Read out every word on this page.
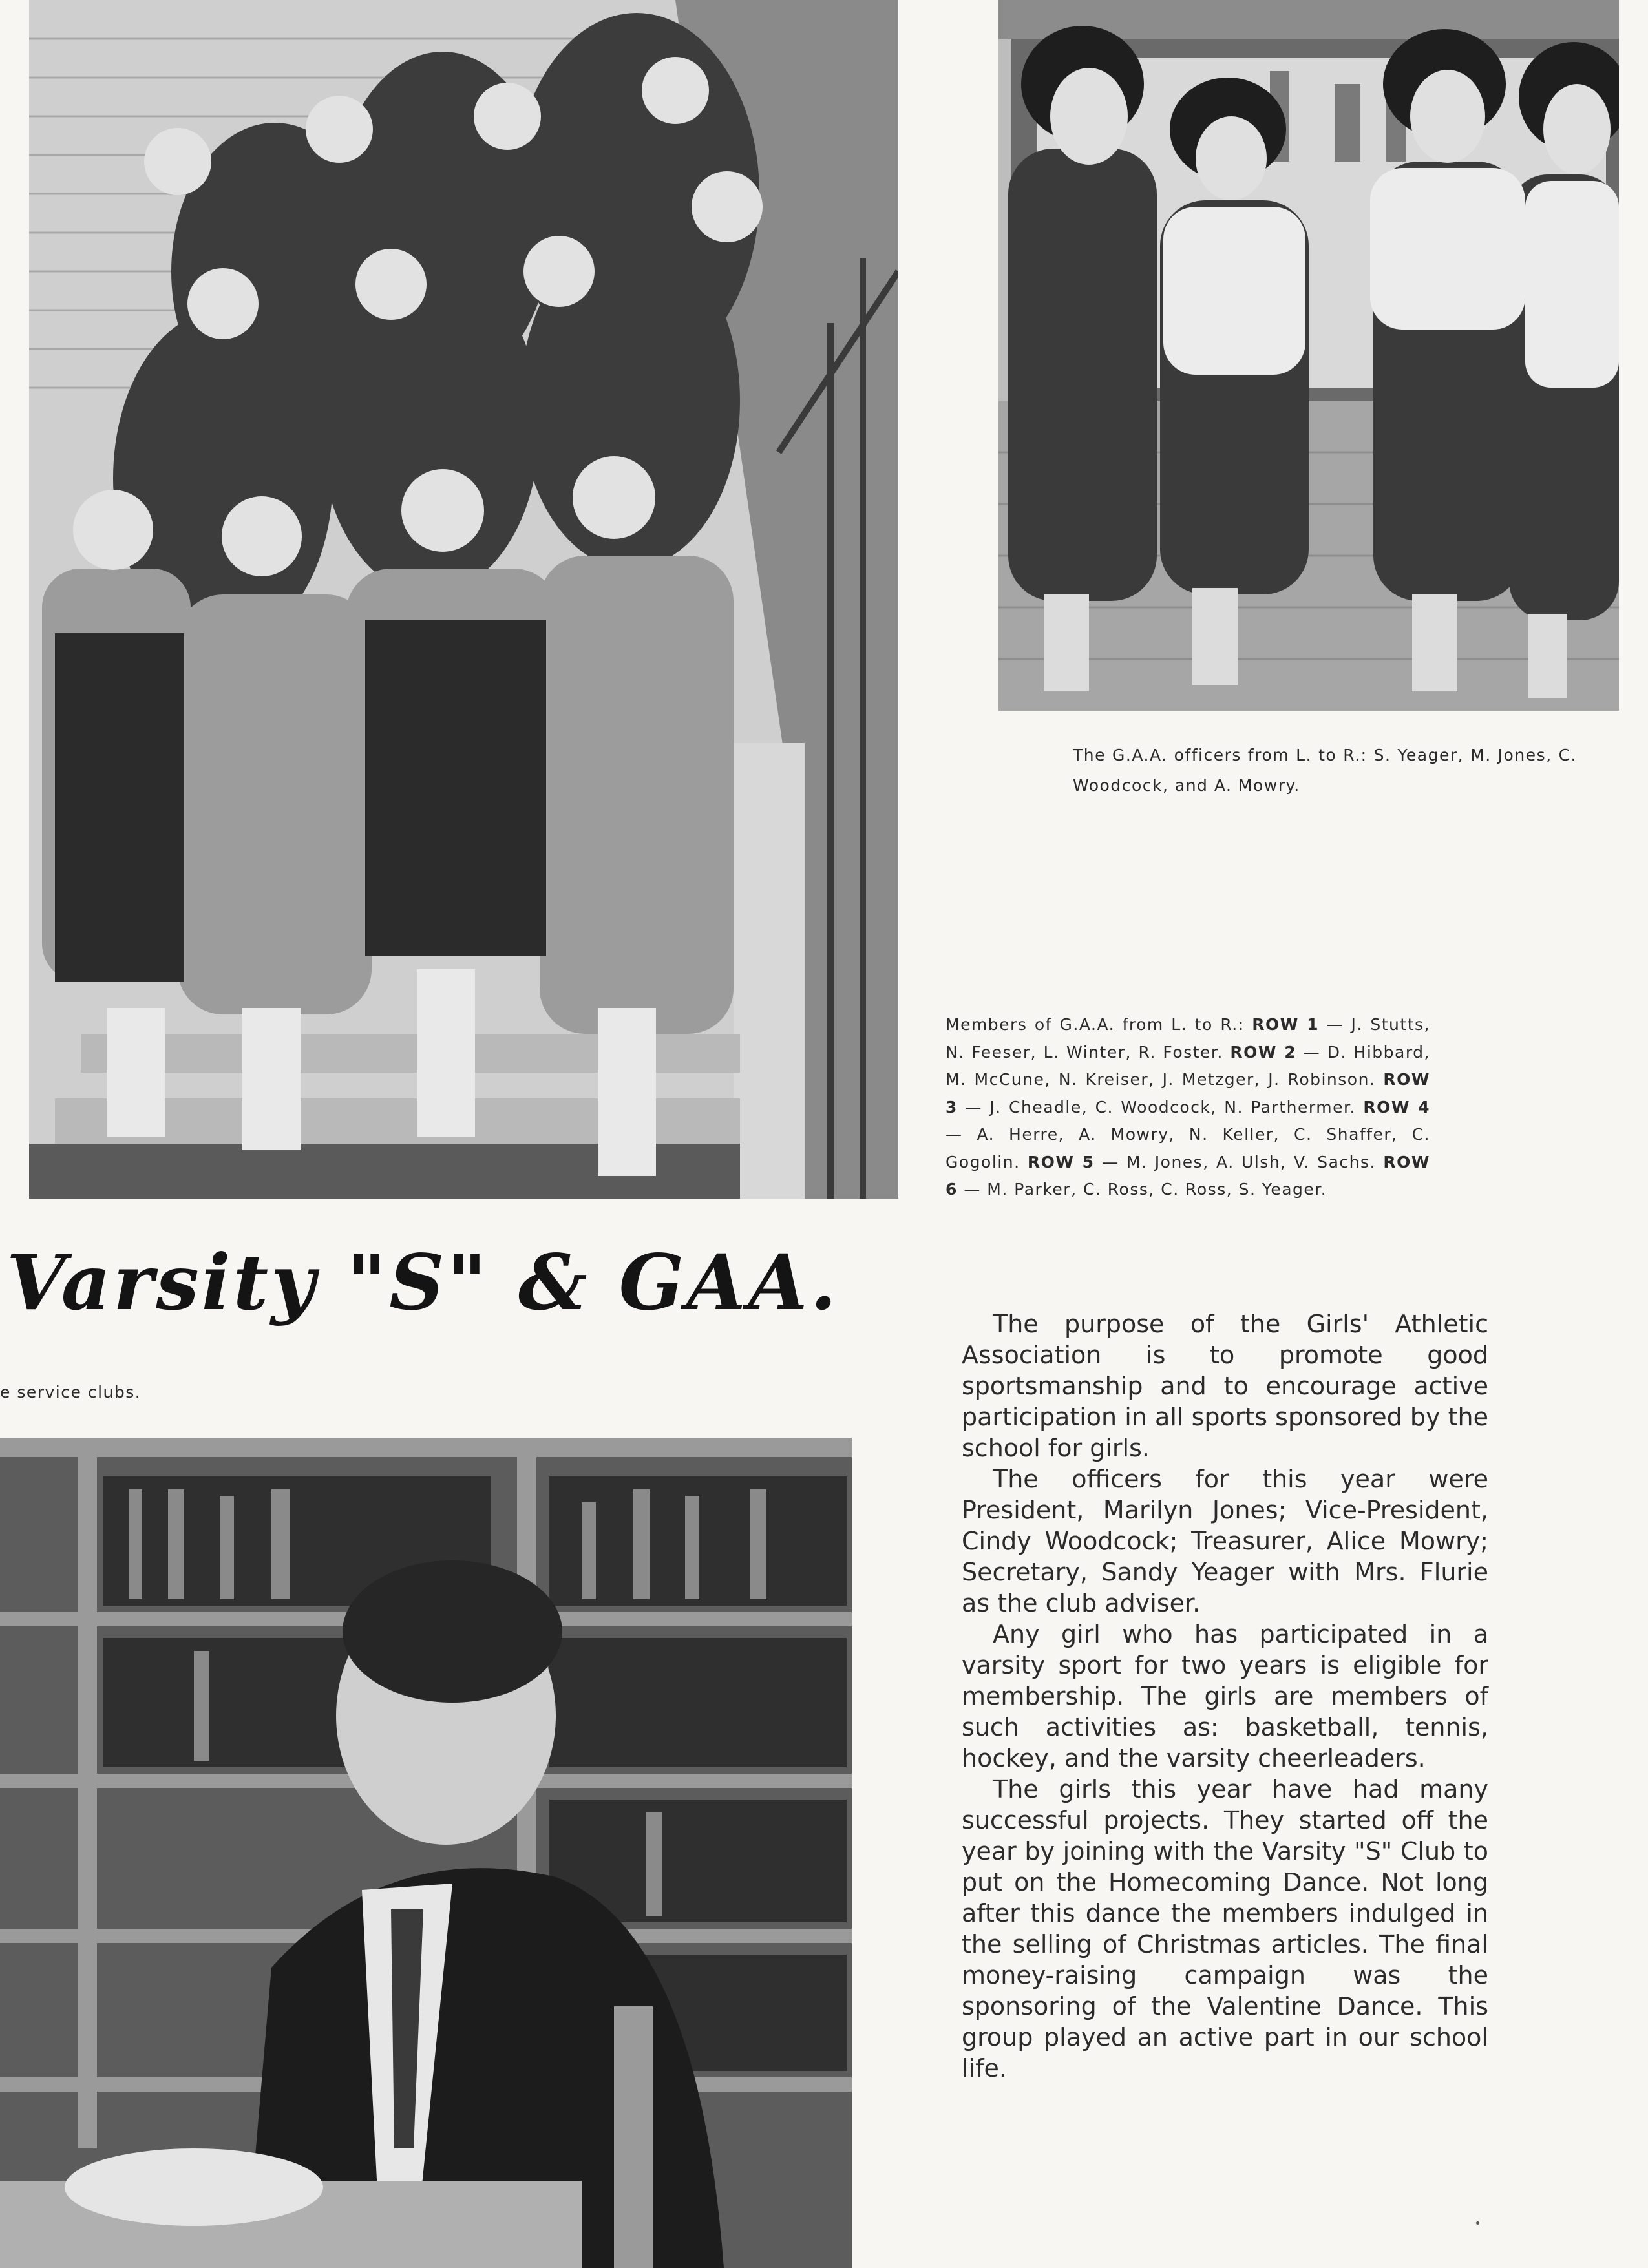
The G.A.A. officers from L. to R.: S. Yeager, M. Jones, C. Woodcock, and A. Mowry.

Members of G.A.A. from L. to R.: ROW 1 — J. Stutts, N. Feeser, L. Winter, R. Foster. ROW 2 — D. Hibbard, M. McCune, N. Kreiser, J. Metzger, J. Robinson. ROW 3 — J. Cheadle, C. Woodcock, N. Parthermer. ROW 4 — A. Herre, A. Mowry, N. Keller, C. Shaffer, C. Gogolin. ROW 5 — M. Jones, A. Ulsh, V. Sachs. ROW 6 — M. Parker, C. Ross, C. Ross, S. Yeager.

Varsity "S" & GAA.
e service clubs.

The purpose of the Girls' Athletic Association is to promote good sportsmanship and to encourage active participation in all sports sponsored by the school for girls.

The officers for this year were President, Marilyn Jones; Vice-President, Cindy Woodcock; Treasurer, Alice Mowry; Secretary, Sandy Yeager with Mrs. Flurie as the club adviser.

Any girl who has participated in a varsity sport for two years is eligible for membership. The girls are members of such activities as: basketball, tennis, hockey, and the varsity cheerleaders.

The girls this year have had many successful projects. They started off the year by joining with the Varsity "S" Club to put on the Homecoming Dance. Not long after this dance the members indulged in the selling of Christmas articles. The final money-raising campaign was the sponsoring of the Valentine Dance. This group played an active part in our school life.
